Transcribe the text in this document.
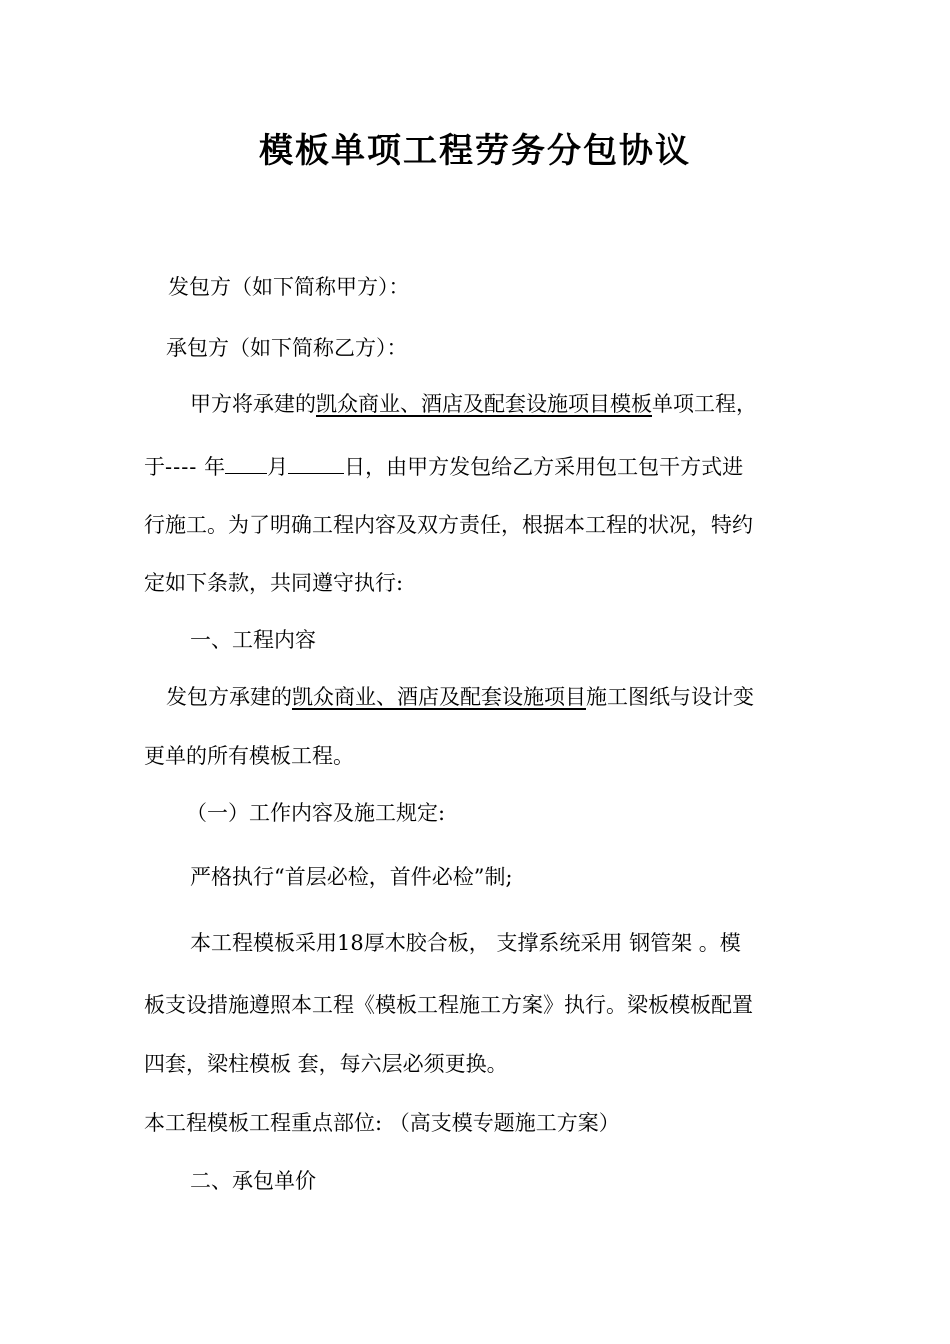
模板单项工程劳务分包协议
发包方（如下简称甲方）：
承包方（如下简称乙方）：
甲方将承建的凯众商业、酒店及配套设施项目模板单项工程，
于---- 年 月	日，由甲方发包给乙方采用包工包干方式进
行施工。为了明确工程内容及双方责任，根据本工程的状况，特约
定如下条款，共同遵守执行:
一、工程内容
发包方承建的凯众商业、酒店及配套设施项目施工图纸与设计变
更单的所有模板工程。
（一）工作内容及施工规定:
严格执行“首层必检，首件必检”制;
本工程模板采用18厚木胶合板， 支撑系统采用 钢管架 。模
板支设措施遵照本工程《模板工程施工方案》执行。梁板模板配置
四套，梁柱模板 套，每六层必须更换。
本工程模板工程重点部位: （高支模专题施工方案）
二、承包单价
